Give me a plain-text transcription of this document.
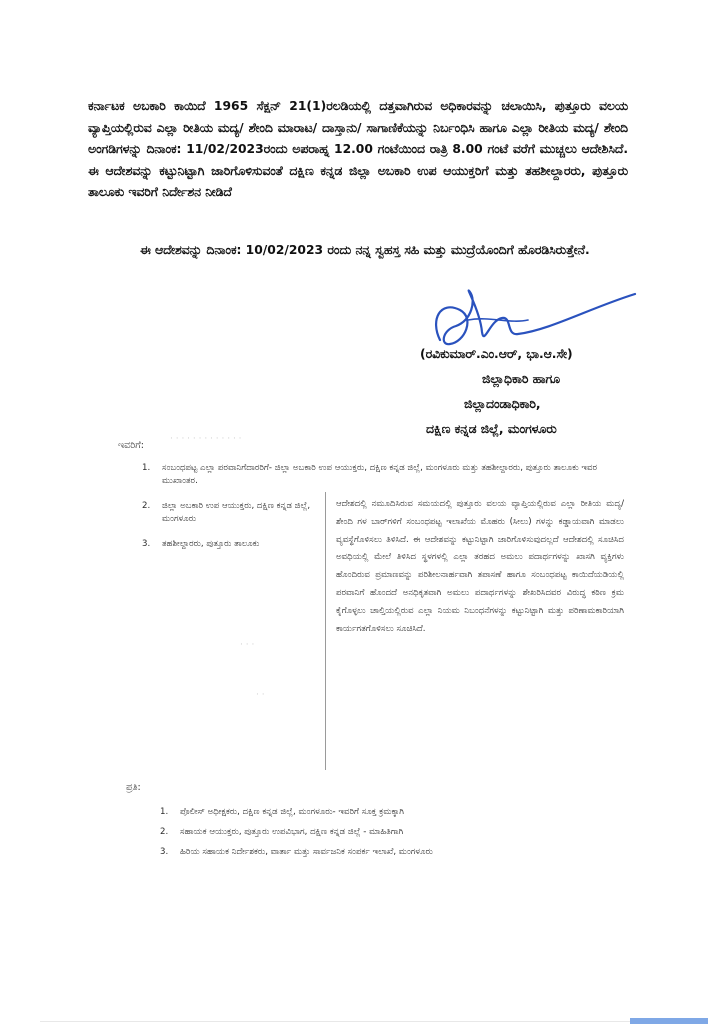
ಕರ್ನಾಟಕ ಅಬಕಾರಿ ಕಾಯಿದೆ 1965 ಸೆಕ್ಷನ್ 21(1)ರಲಡಿಯಲ್ಲಿ ದತ್ತವಾಗಿರುವ ಅಧಿಕಾರವನ್ನು ಚಲಾಯಿಸಿ, ಪುತ್ತೂರು ವಲಯ ವ್ಯಾಪ್ತಿಯಲ್ಲಿರುವ ಎಲ್ಲಾ ರೀತಿಯ ಮದ್ಯ/ ಶೇಂದಿ ಮಾರಾಟ/ ದಾಸ್ತಾನು/ ಸಾಗಾಣಿಕೆಯನ್ನು ನಿರ್ಬಂಧಿಸಿ ಹಾಗೂ ಎಲ್ಲಾ ರೀತಿಯ ಮದ್ಯ/ ಶೇಂದಿ ಅಂಗಡಿಗಳನ್ನು ದಿನಾಂಕ: 11/02/2023ರಂದು ಅಪರಾಹ್ನ 12.00 ಗಂಟೆಯಿಂದ ರಾತ್ರಿ 8.00 ಗಂಟೆ ವರೆಗೆ ಮುಚ್ಚಲು ಆದೇಶಿಸಿದೆ. ಈ ಆದೇಶವನ್ನು ಕಟ್ಟುನಿಟ್ಟಾಗಿ ಜಾರಿಗೊಳಿಸುವಂತೆ ದಕ್ಷಿಣ ಕನ್ನಡ ಜಿಲ್ಲಾ ಅಬಕಾರಿ ಉಪ ಆಯುಕ್ತರಿಗೆ ಮತ್ತು ತಹಶೀಲ್ದಾರರು, ಪುತ್ತೂರು ತಾಲೂಕು ಇವರಿಗೆ ನಿರ್ದೇಶನ ನೀಡಿದೆ

ಈ ಆದೇಶವನ್ನು ದಿನಾಂಕ: 10/02/2023 ರಂದು ನನ್ನ ಸ್ವಹಸ್ತ ಸಹಿ ಮತ್ತು ಮುದ್ರೆಯೊಂದಿಗೆ ಹೊರಡಿಸಿರುತ್ತೇನೆ.

(ರವಿಕುಮಾರ್.ಎಂ.ಆರ್, ಭಾ.ಆ.ಸೇ)
ಜಿಲ್ಲಾಧಿಕಾರಿ ಹಾಗೂ
ಜಿಲ್ಲಾದಂಡಾಧಿಕಾರಿ,
ದಕ್ಷಿಣ ಕನ್ನಡ ಜಿಲ್ಲೆ, ಮಂಗಳೂರು
· · · · · · · · · · · · ·
ಇವರಿಗೆ:
1.	ಸಂಬಂಧಪಟ್ಟ ಎಲ್ಲಾ ಪರವಾನಿಗೆದಾರರಿಗೆ- ಜಿಲ್ಲಾ ಅಬಕಾರಿ ಉಪ ಆಯುಕ್ತರು, ದಕ್ಷಿಣ ಕನ್ನಡ ಜಿಲ್ಲೆ, ಮಂಗಳೂರು ಮತ್ತು ತಹಶೀಲ್ದಾರರು, ಪುತ್ತೂರು ತಾಲೂಕು ಇವರ ಮುಖಾಂತರ.
2.	ಜಿಲ್ಲಾ ಅಬಕಾರಿ ಉಪ ಆಯುಕ್ತರು, ದಕ್ಷಿಣ ಕನ್ನಡ ಜಿಲ್ಲೆ, ಮಂಗಳೂರು
3.	ತಹಶೀಲ್ದಾರರು, ಪುತ್ತೂರು ತಾಲೂಕು
ಆದೇಶದಲ್ಲಿ ನಮೂದಿಸಿರುವ ಸಮಯದಲ್ಲಿ ಪುತ್ತೂರು ವಲಯ ವ್ಯಾಪ್ತಿಯಲ್ಲಿರುವ ಎಲ್ಲಾ ರೀತಿಯ ಮದ್ಯ/ ಶೇಂದಿ ಗಳ ಬಾರ್‌ಗಳಿಗೆ ಸಂಬಂಧಪಟ್ಟ ಇಲಾಖೆಯ ಮೊಹರು (ಸೀಲು) ಗಳನ್ನು ಕಡ್ಡಾಯವಾಗಿ ಮಾಡಲು ವ್ಯವಸ್ಥೆಗೊಳಿಸಲು ತಿಳಿಸಿದೆ. ಈ ಆದೇಶವನ್ನು ಕಟ್ಟುನಿಟ್ಟಾಗಿ ಜಾರಿಗೊಳಿಸುವುದಲ್ಲದೆ ಆದೇಶದಲ್ಲಿ ಸೂಚಿಸಿದ ಅವಧಿಯಲ್ಲಿ ಮೇಲೆ ತಿಳಿಸಿದ ಸ್ಥಳಗಳಲ್ಲಿ ಎಲ್ಲಾ ತರಹದ ಅಮಲು ಪದಾರ್ಥಗಳನ್ನು ಖಾಸಗಿ ವ್ಯಕ್ತಿಗಳು ಹೊಂದಿರುವ ಪ್ರಮಾಣವನ್ನು ಪರಿಶೀಲನಾರ್ಹವಾಗಿ ತಪಾಸಣೆ ಹಾಗೂ ಸಂಬಂಧಪಟ್ಟ ಕಾಯಿದೆಯಡಿಯಲ್ಲಿ ಪರವಾನಿಗೆ ಹೊಂದದೆ ಅನಧಿಕೃತವಾಗಿ ಅಮಲು ಪದಾರ್ಥಗಳನ್ನು ಶೇಖರಿಸಿದವರ ವಿರುದ್ಧ ಕಠಿಣ ಕ್ರಮ ಕೈಗೊಳ್ಳಲು ಚಾಲ್ತಿಯಲ್ಲಿರುವ ಎಲ್ಲಾ ನಿಯಮ ನಿಬಂಧನೆಗಳನ್ನು ಕಟ್ಟುನಿಟ್ಟಾಗಿ ಮತ್ತು ಪರಿಣಾಮಕಾರಿಯಾಗಿ ಕಾರ್ಯಗತಗೊಳಿಸಲು ಸೂಚಿಸಿದೆ.
· · ·
· ·
ಪ್ರತಿ:
1.	ಪೊಲೀಸ್ ಅಧೀಕ್ಷಕರು, ದಕ್ಷಿಣ ಕನ್ನಡ ಜಿಲ್ಲೆ, ಮಂಗಳೂರು- ಇವರಿಗೆ ಸೂಕ್ತ ಕ್ರಮಕ್ಕಾಗಿ
2.	ಸಹಾಯಕ ಆಯುಕ್ತರು, ಪುತ್ತೂರು ಉಪವಿಭಾಗ, ದಕ್ಷಿಣ ಕನ್ನಡ ಜಿಲ್ಲೆ - ಮಾಹಿತಿಗಾಗಿ
3.	ಹಿರಿಯ ಸಹಾಯಕ ನಿರ್ದೇಶಕರು, ವಾರ್ತಾ ಮತ್ತು ಸಾರ್ವಜನಿಕ ಸಂಪರ್ಕ ಇಲಾಖೆ, ಮಂಗಳೂರು
